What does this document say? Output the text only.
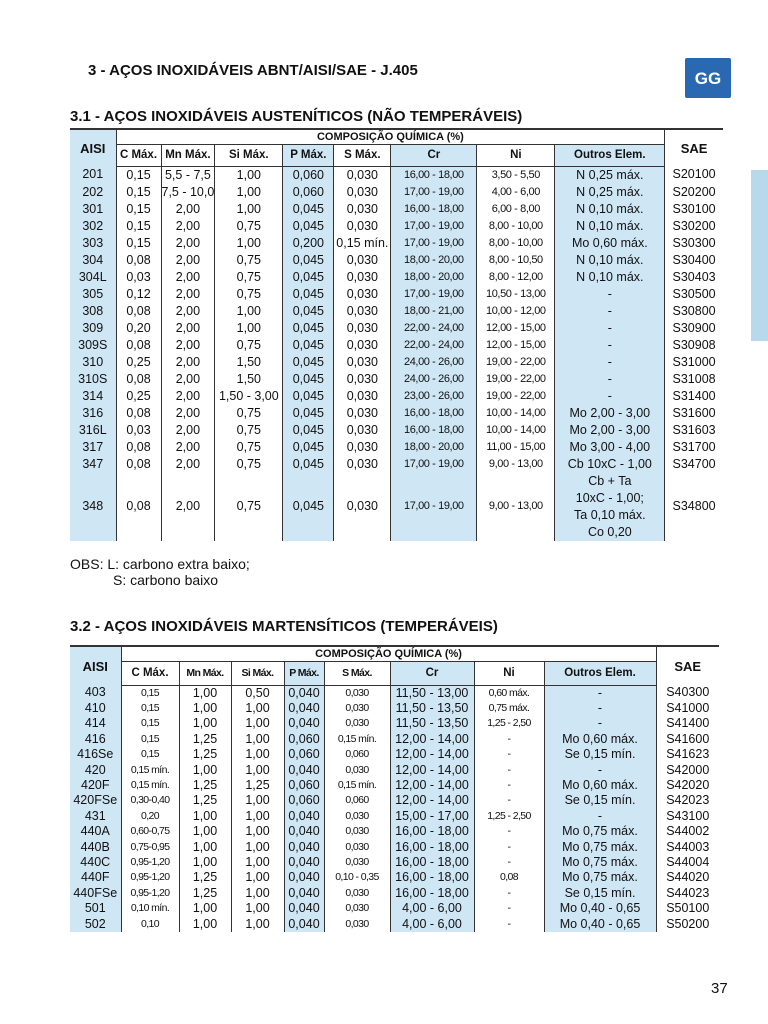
3 - AÇOS INOXIDÁVEIS ABNT/AISI/SAE - J.405	GG
3.1 - AÇOS INOXIDÁVEIS AUSTENÍTICOS (NÃO TEMPERÁVEIS)
AISI	COMPOSIÇÃO QUÍMICA (%)								SAE
	C Máx.	Mn Máx.	Si Máx.	P Máx.	S Máx.	Cr	Ni	Outros Elem.	
201	0,15	5,5 - 7,5	1,00	0,060	0,030	16,00 - 18,00	3,50 - 5,50	N 0,25 máx.	S20100
202	0,15	7,5 - 10,0	1,00	0,060	0,030	17,00 - 19,00	4,00 - 6,00	N 0,25 máx.	S20200
301	0,15	2,00	1,00	0,045	0,030	16,00 - 18,00	6,00 - 8,00	N 0,10 máx.	S30100
302	0,15	2,00	0,75	0,045	0,030	17,00 - 19,00	8,00 - 10,00	N 0,10 máx.	S30200
303	0,15	2,00	1,00	0,200	0,15 mín.	17,00 - 19,00	8,00 - 10,00	Mo 0,60 máx.	S30300
304	0,08	2,00	0,75	0,045	0,030	18,00 - 20,00	8,00 - 10,50	N 0,10 máx.	S30400
304L	0,03	2,00	0,75	0,045	0,030	18,00 - 20,00	8,00 - 12,00	N 0,10 máx.	S30403
305	0,12	2,00	0,75	0,045	0,030	17,00 - 19,00	10,50 - 13,00	-	S30500
308	0,08	2,00	1,00	0,045	0,030	18,00 - 21,00	10,00 - 12,00	-	S30800
309	0,20	2,00	1,00	0,045	0,030	22,00 - 24,00	12,00 - 15,00	-	S30900
309S	0,08	2,00	0,75	0,045	0,030	22,00 - 24,00	12,00 - 15,00	-	S30908
310	0,25	2,00	1,50	0,045	0,030	24,00 - 26,00	19,00 - 22,00	-	S31000
310S	0,08	2,00	1,50	0,045	0,030	24,00 - 26,00	19,00 - 22,00	-	S31008
314	0,25	2,00	1,50 - 3,00	0,045	0,030	23,00 - 26,00	19,00 - 22,00	-	S31400
316	0,08	2,00	0,75	0,045	0,030	16,00 - 18,00	10,00 - 14,00	Mo 2,00 - 3,00	S31600
316L	0,03	2,00	0,75	0,045	0,030	16,00 - 18,00	10,00 - 14,00	Mo 2,00 - 3,00	S31603
317	0,08	2,00	0,75	0,045	0,030	18,00 - 20,00	11,00 - 15,00	Mo 3,00 - 4,00	S31700
347	0,08	2,00	0,75	0,045	0,030	17,00 - 19,00	9,00 - 13,00	Cb 10xC - 1,00	S34700
348	0,08	2,00	0,75	0,045	0,030	17,00 - 19,00	9,00 - 13,00	Cb + Ta
10xC - 1,00;
Ta 0,10 máx.
Co 0,20	S34800
OBS: L: carbono extra baixo;
S: carbono baixo
3.2 - AÇOS INOXIDÁVEIS MARTENSÍTICOS (TEMPERÁVEIS)
AISI	COMPOSIÇÃO QUÍMICA (%)								SAE
	C Máx.	Mn Máx.	Si Máx.	P Máx.	S Máx.	Cr	Ni	Outros Elem.	
403	0,15	1,00	0,50	0,040	0,030	11,50 - 13,00	0,60 máx.	-	S40300
410	0,15	1,00	1,00	0,040	0,030	11,50 - 13,50	0,75 máx.	-	S41000
414	0,15	1,00	1,00	0,040	0,030	11,50 - 13,50	1,25 - 2,50	-	S41400
416	0,15	1,25	1,00	0,060	0,15 mín.	12,00 - 14,00	-	Mo 0,60 máx.	S41600
416Se	0,15	1,25	1,00	0,060	0,060	12,00 - 14,00	-	Se 0,15 mín.	S41623
420	0,15 mín.	1,00	1,00	0,040	0,030	12,00 - 14,00	-	-	S42000
420F	0,15 mín.	1,25	1,25	0,060	0,15 mín.	12,00 - 14,00	-	Mo 0,60 máx.	S42020
420FSe	0,30-0,40	1,25	1,00	0,060	0,060	12,00 - 14,00	-	Se 0,15 mín.	S42023
431	0,20	1,00	1,00	0,040	0,030	15,00 - 17,00	1,25 - 2,50	-	S43100
440A	0,60-0,75	1,00	1,00	0,040	0,030	16,00 - 18,00	-	Mo 0,75 máx.	S44002
440B	0,75-0,95	1,00	1,00	0,040	0,030	16,00 - 18,00	-	Mo 0,75 máx.	S44003
440C	0,95-1,20	1,00	1,00	0,040	0,030	16,00 - 18,00	-	Mo 0,75 máx.	S44004
440F	0,95-1,20	1,25	1,00	0,040	0,10 - 0,35	16,00 - 18,00	0,08	Mo 0,75 máx.	S44020
440FSe	0,95-1,20	1,25	1,00	0,040	0,030	16,00 - 18,00	-	Se 0,15 mín.	S44023
501	0,10 mín.	1,00	1,00	0,040	0,030	4,00 - 6,00	-	Mo 0,40 - 0,65	S50100
502	0,10	1,00	1,00	0,040	0,030	4,00 - 6,00	-	Mo 0,40 - 0,65	S50200
37
